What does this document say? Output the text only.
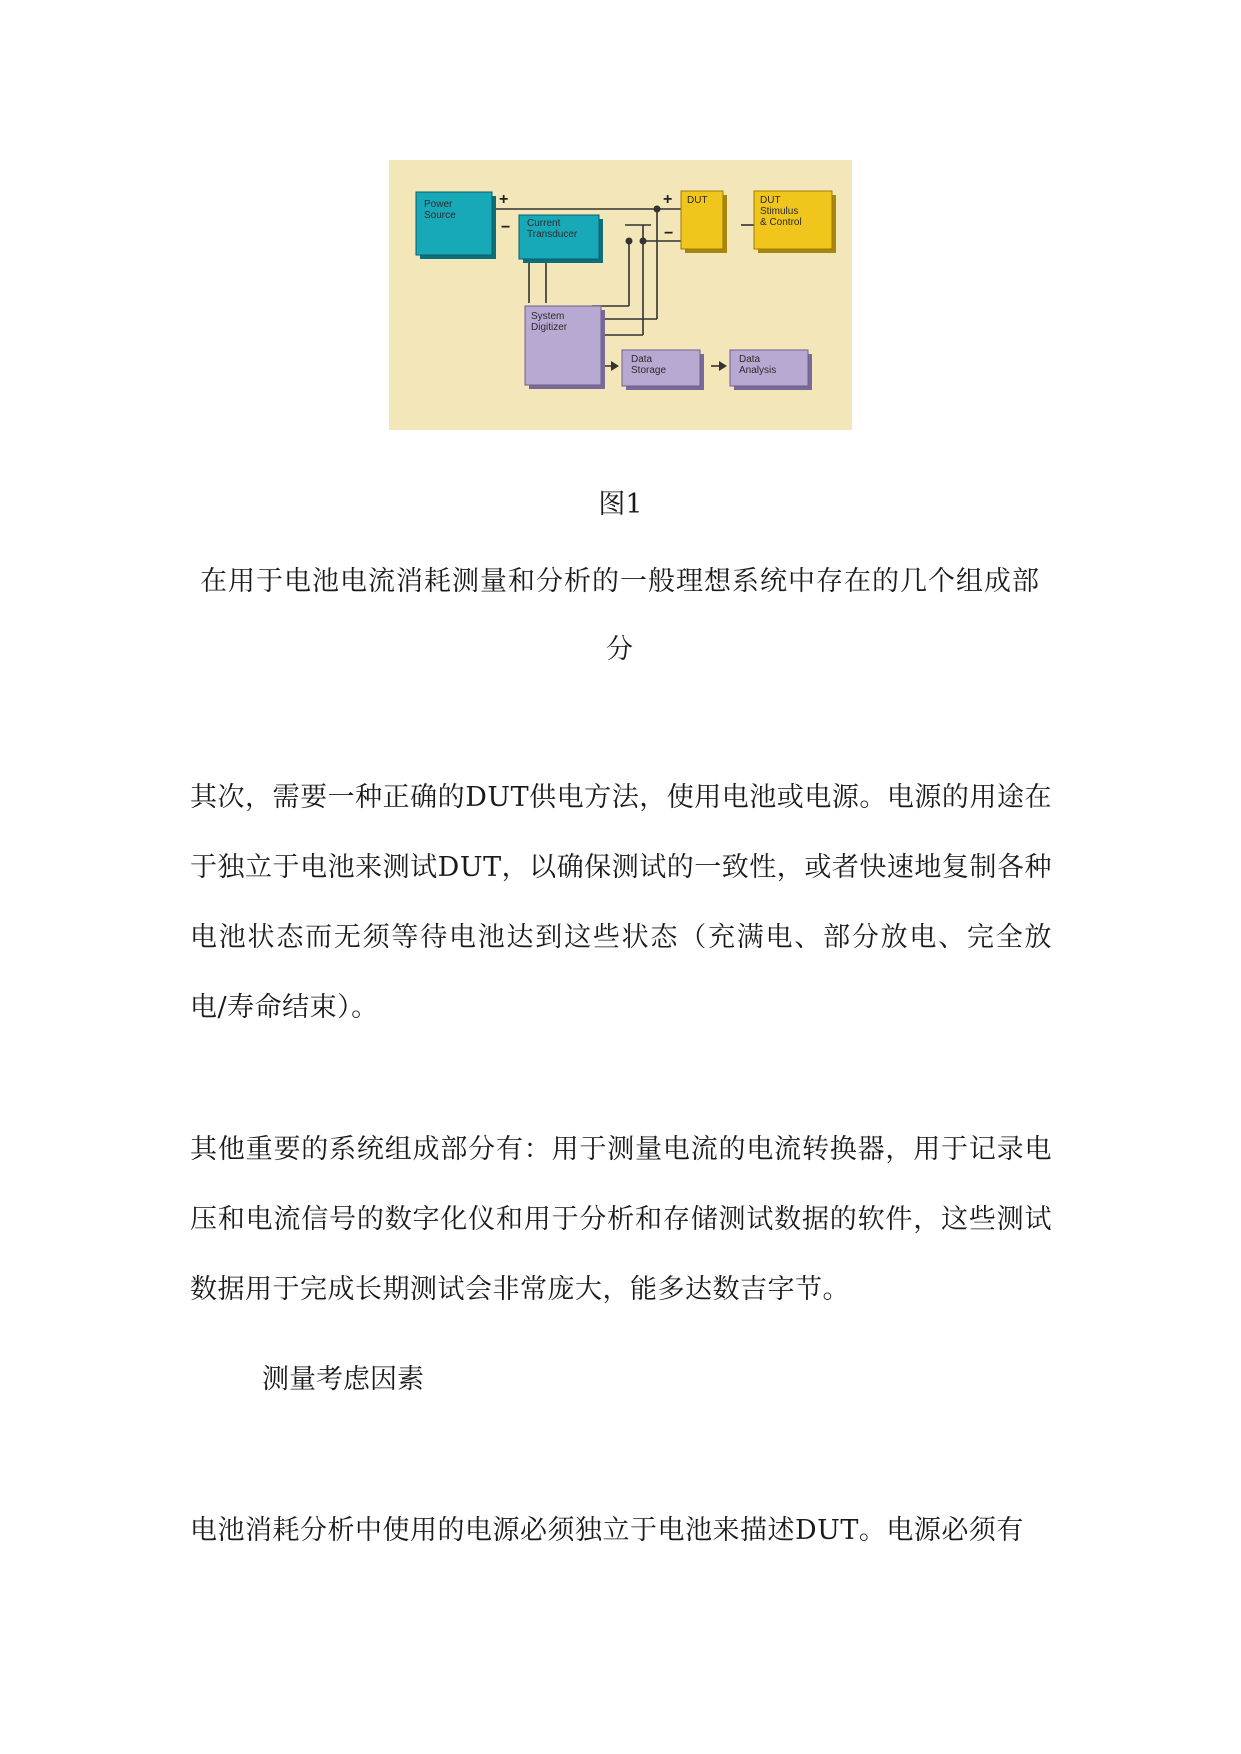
Power Source
Current Transducer
DUT	DUT Stimulus & Control
System Digitizer
Data Storage
Data Analysis
+
−
+
−
图1
在用于电池电流消耗测量和分析的一般理想系统中存在的几个组成部分

其次，需要一种正确的DUT供电方法，使用电池或电源。电源的用途在于独立于电池来测试DUT，以确保测试的一致性，或者快速地复制各种电池状态而无须等待电池达到这些状态（充满电、部分放电、完全放电/寿命结束）。

其他重要的系统组成部分有：用于测量电流的电流转换器，用于记录电压和电流信号的数字化仪和用于分析和存储测试数据的软件，这些测试数据用于完成长期测试会非常庞大，能多达数吉字节。

测量考虑因素

电池消耗分析中使用的电源必须独立于电池来描述DUT。电源必须有
